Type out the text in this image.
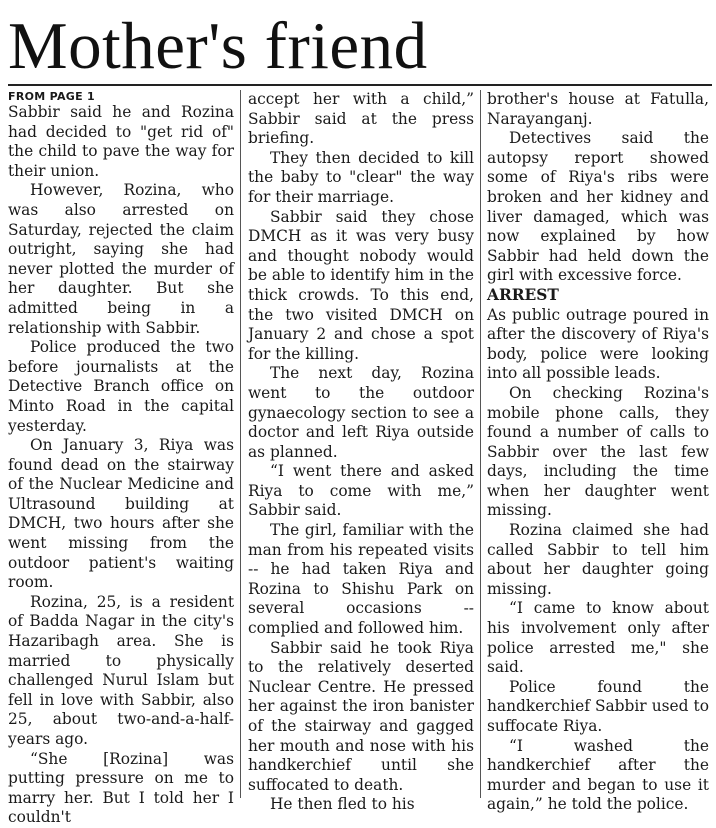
Mother's friend
FROM PAGE 1

Sabbir said he and Rozina had decided to "get rid of" the child to pave the way for their union.

However, Rozina, who was also arrested on Saturday, rejected the claim outright, saying she had never plotted the murder of her daughter. But she admitted being in a relationship with Sabbir.

Police produced the two before journalists at the Detective Branch office on Minto Road in the capital yesterday.

On January 3, Riya was found dead on the stairway of the Nuclear Medicine and Ultrasound building at DMCH, two hours after she went missing from the outdoor patient's waiting room.

Rozina, 25, is a resident of Badda Nagar in the city's Hazaribagh area. She is married to physically challenged Nurul Islam but fell in love with Sabbir, also 25, about two-and-a-half-years ago.

“She [Rozina] was putting pressure on me to marry her. But I told her I couldn't

accept her with a child,” Sabbir said at the press briefing.

They then decided to kill the baby to "clear" the way for their marriage.

Sabbir said they chose DMCH as it was very busy and thought nobody would be able to identify him in the thick crowds. To this end, the two visited DMCH on January 2 and chose a spot for the killing.

The next day, Rozina went to the outdoor gynaecology section to see a doctor and left Riya outside as planned.

“I went there and asked Riya to come with me,” Sabbir said.

The girl, familiar with the man from his repeated visits -- he had taken Riya and Rozina to Shishu Park on several occasions -- complied and followed him.

Sabbir said he took Riya to the relatively deserted Nuclear Centre. He pressed her against the iron banister of the stairway and gagged her mouth and nose with his handkerchief until she suffocated to death.

He then fled to his

brother's house at Fatulla, Narayanganj.

Detectives said the autopsy report showed some of Riya's ribs were broken and her kidney and liver damaged, which was now explained by how Sabbir had held down the girl with excessive force.

ARREST

As public outrage poured in after the discovery of Riya's body, police were looking into all possible leads.

On checking Rozina's mobile phone calls, they found a number of calls to Sabbir over the last few days, including the time when her daughter went missing.

Rozina claimed she had called Sabbir to tell him about her daughter going missing.

“I came to know about his involvement only after police arrested me," she said.

Police found the handkerchief Sabbir used to suffocate Riya.

“I washed the handkerchief after the murder and began to use it again,” he told the police.
